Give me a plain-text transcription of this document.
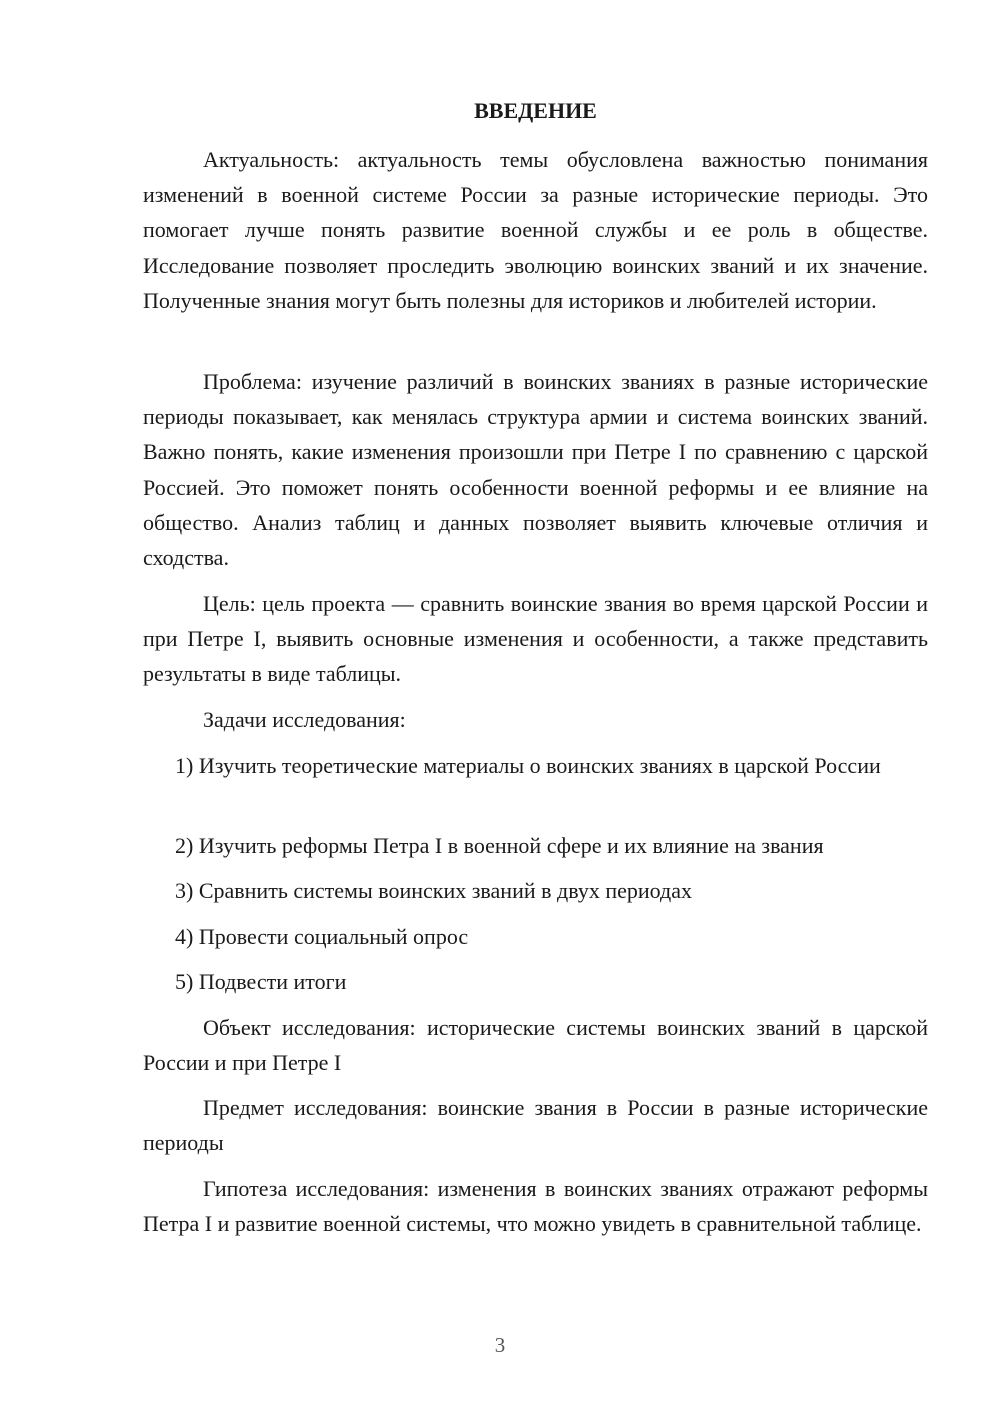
ВВЕДЕНИЕ

Актуальность: актуальность темы обусловлена важностью понимания изменений в военной системе России за разные исторические периоды. Это помогает лучше понять развитие военной службы и ее роль в обществе. Исследование позволяет проследить эволюцию воинских званий и их значение. Полученные знания могут быть полезны для историков и любителей истории.

Проблема: изучение различий в воинских званиях в разные исторические периоды показывает, как менялась структура армии и система воинских званий. Важно понять, какие изменения произошли при Петре I по сравнению с царской Россией. Это поможет понять особенности военной реформы и ее влияние на общество. Анализ таблиц и данных позволяет выявить ключевые отличия и сходства.

Цель: цель проекта — сравнить воинские звания во время царской России и при Петре I, выявить основные изменения и особенности, а также представить результаты в виде таблицы.

Задачи исследования:

1) Изучить теоретические материалы о воинских званиях в царской России

2) Изучить реформы Петра I в военной сфере и их влияние на звания

3) Сравнить системы воинских званий в двух периодах

4) Провести социальный опрос

5) Подвести итоги

Объект исследования: исторические системы воинских званий в царской России и при Петре I

Предмет исследования: воинские звания в России в разные исторические периоды

Гипотеза исследования: изменения в воинских званиях отражают реформы Петра I и развитие военной системы, что можно увидеть в сравнительной таблице.

3
